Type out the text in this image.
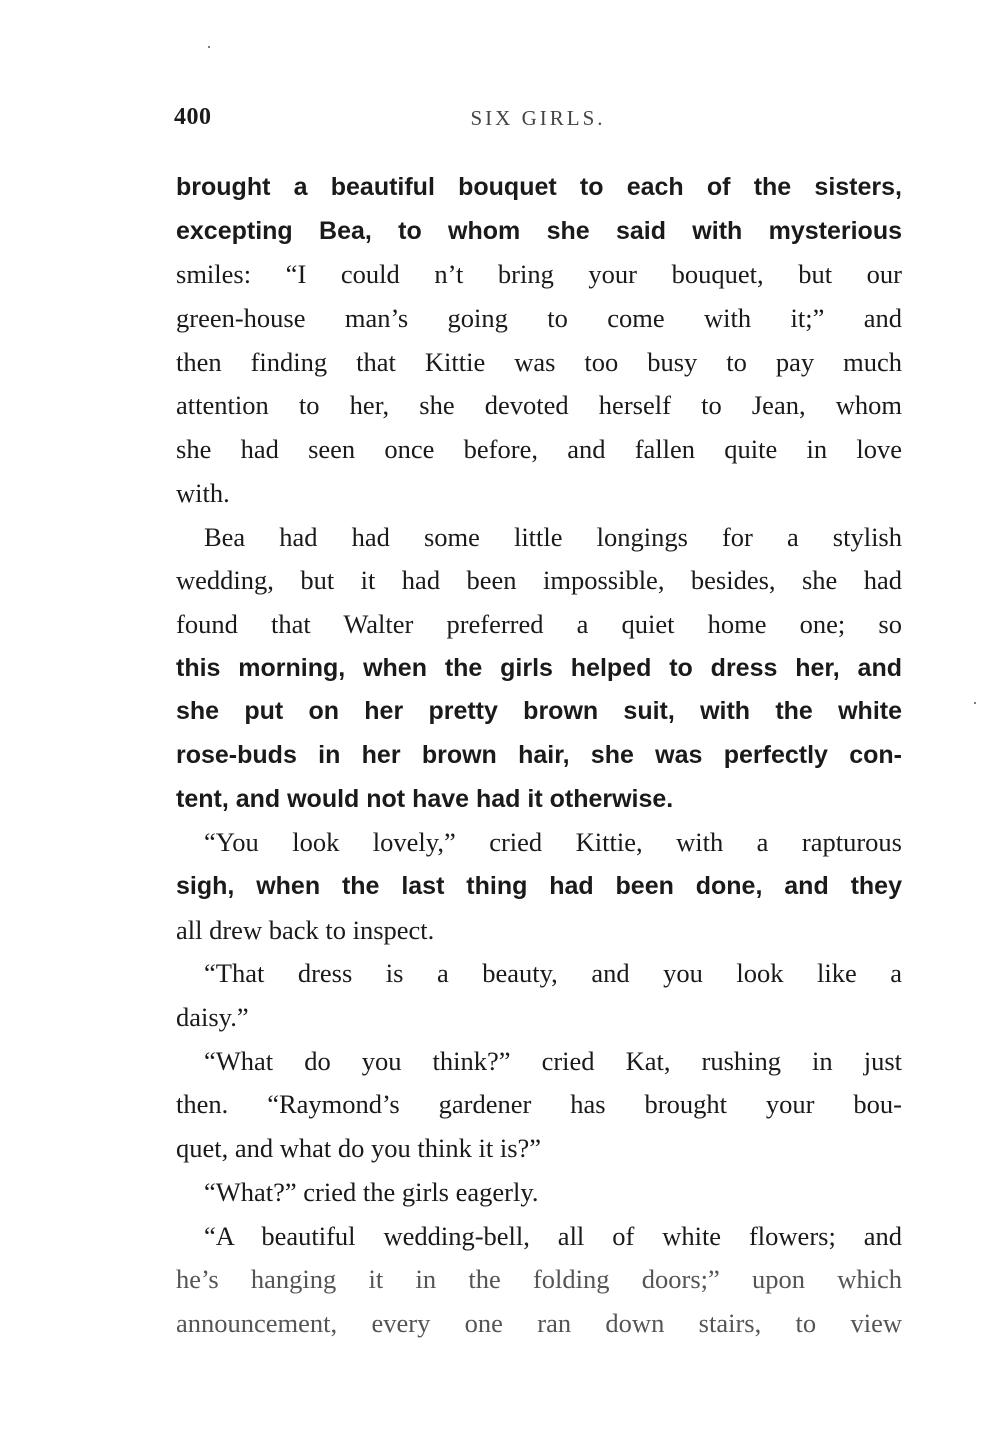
400	SIX GIRLS.
brought a beautiful bouquet to each of the sisters,
excepting Bea, to whom she said with mysterious
smiles: “I could n’t bring your bouquet, but our
green-house man’s going to come with it;” and
then finding that Kittie was too busy to pay much
attention to her, she devoted herself to Jean, whom
she had seen once before, and fallen quite in love
with.
Bea had had some little longings for a stylish
wedding, but it had been impossible, besides, she had
found that Walter preferred a quiet home one; so
this morning, when the girls helped to dress her, and
she put on her pretty brown suit, with the white
rose-buds in her brown hair, she was perfectly con-
tent, and would not have had it otherwise.
“You look lovely,” cried Kittie, with a rapturous
sigh, when the last thing had been done, and they
all drew back to inspect.
“That dress is a beauty, and you look like a
daisy.”
“What do you think?” cried Kat, rushing in just
then. “Raymond’s gardener has brought your bou-
quet, and what do you think it is?”
“What?” cried the girls eagerly.
“A beautiful wedding-bell, all of white flowers; and
he’s hanging it in the folding doors;” upon which
announcement, every one ran down stairs, to view
